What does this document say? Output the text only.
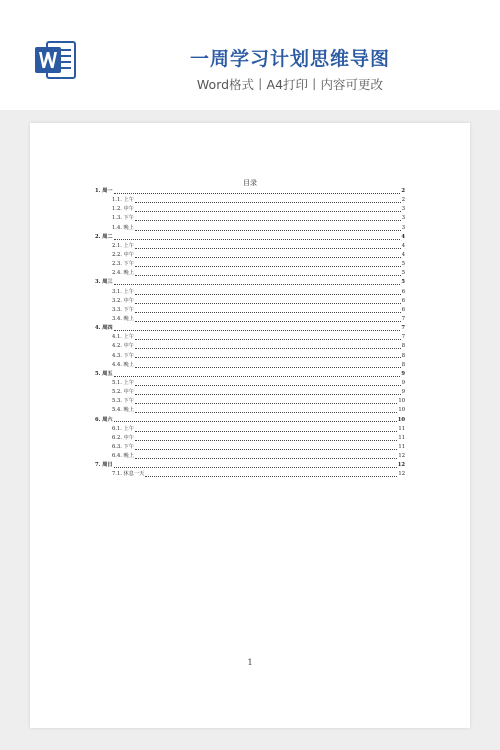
一周学习计划思维导图
Word格式丨A4打印丨内容可更改
目录
1. 周一	2
1.1. 上午	2
1.2. 中午	3
1.3. 下午	3
1.4. 晚上	3
2. 周二	4
2.1. 上午	4
2.2. 中午	4
2.3. 下午	5
2.4. 晚上	5
3. 周三	5
3.1. 上午	6
3.2. 中午	6
3.3. 下午	6
3.4. 晚上	7
4. 周四	7
4.1. 上午	7
4.2. 中午	8
4.3. 下午	8
4.4. 晚上	8
5. 周五	9
5.1. 上午	9
5.2. 中午	9
5.3. 下午	10
5.4. 晚上	10
6. 周六	10
6.1. 上午	11
6.2. 中午	11
6.3. 下午	11
6.4. 晚上	12
7. 周日	12
7.1. 休息一天	12
1
